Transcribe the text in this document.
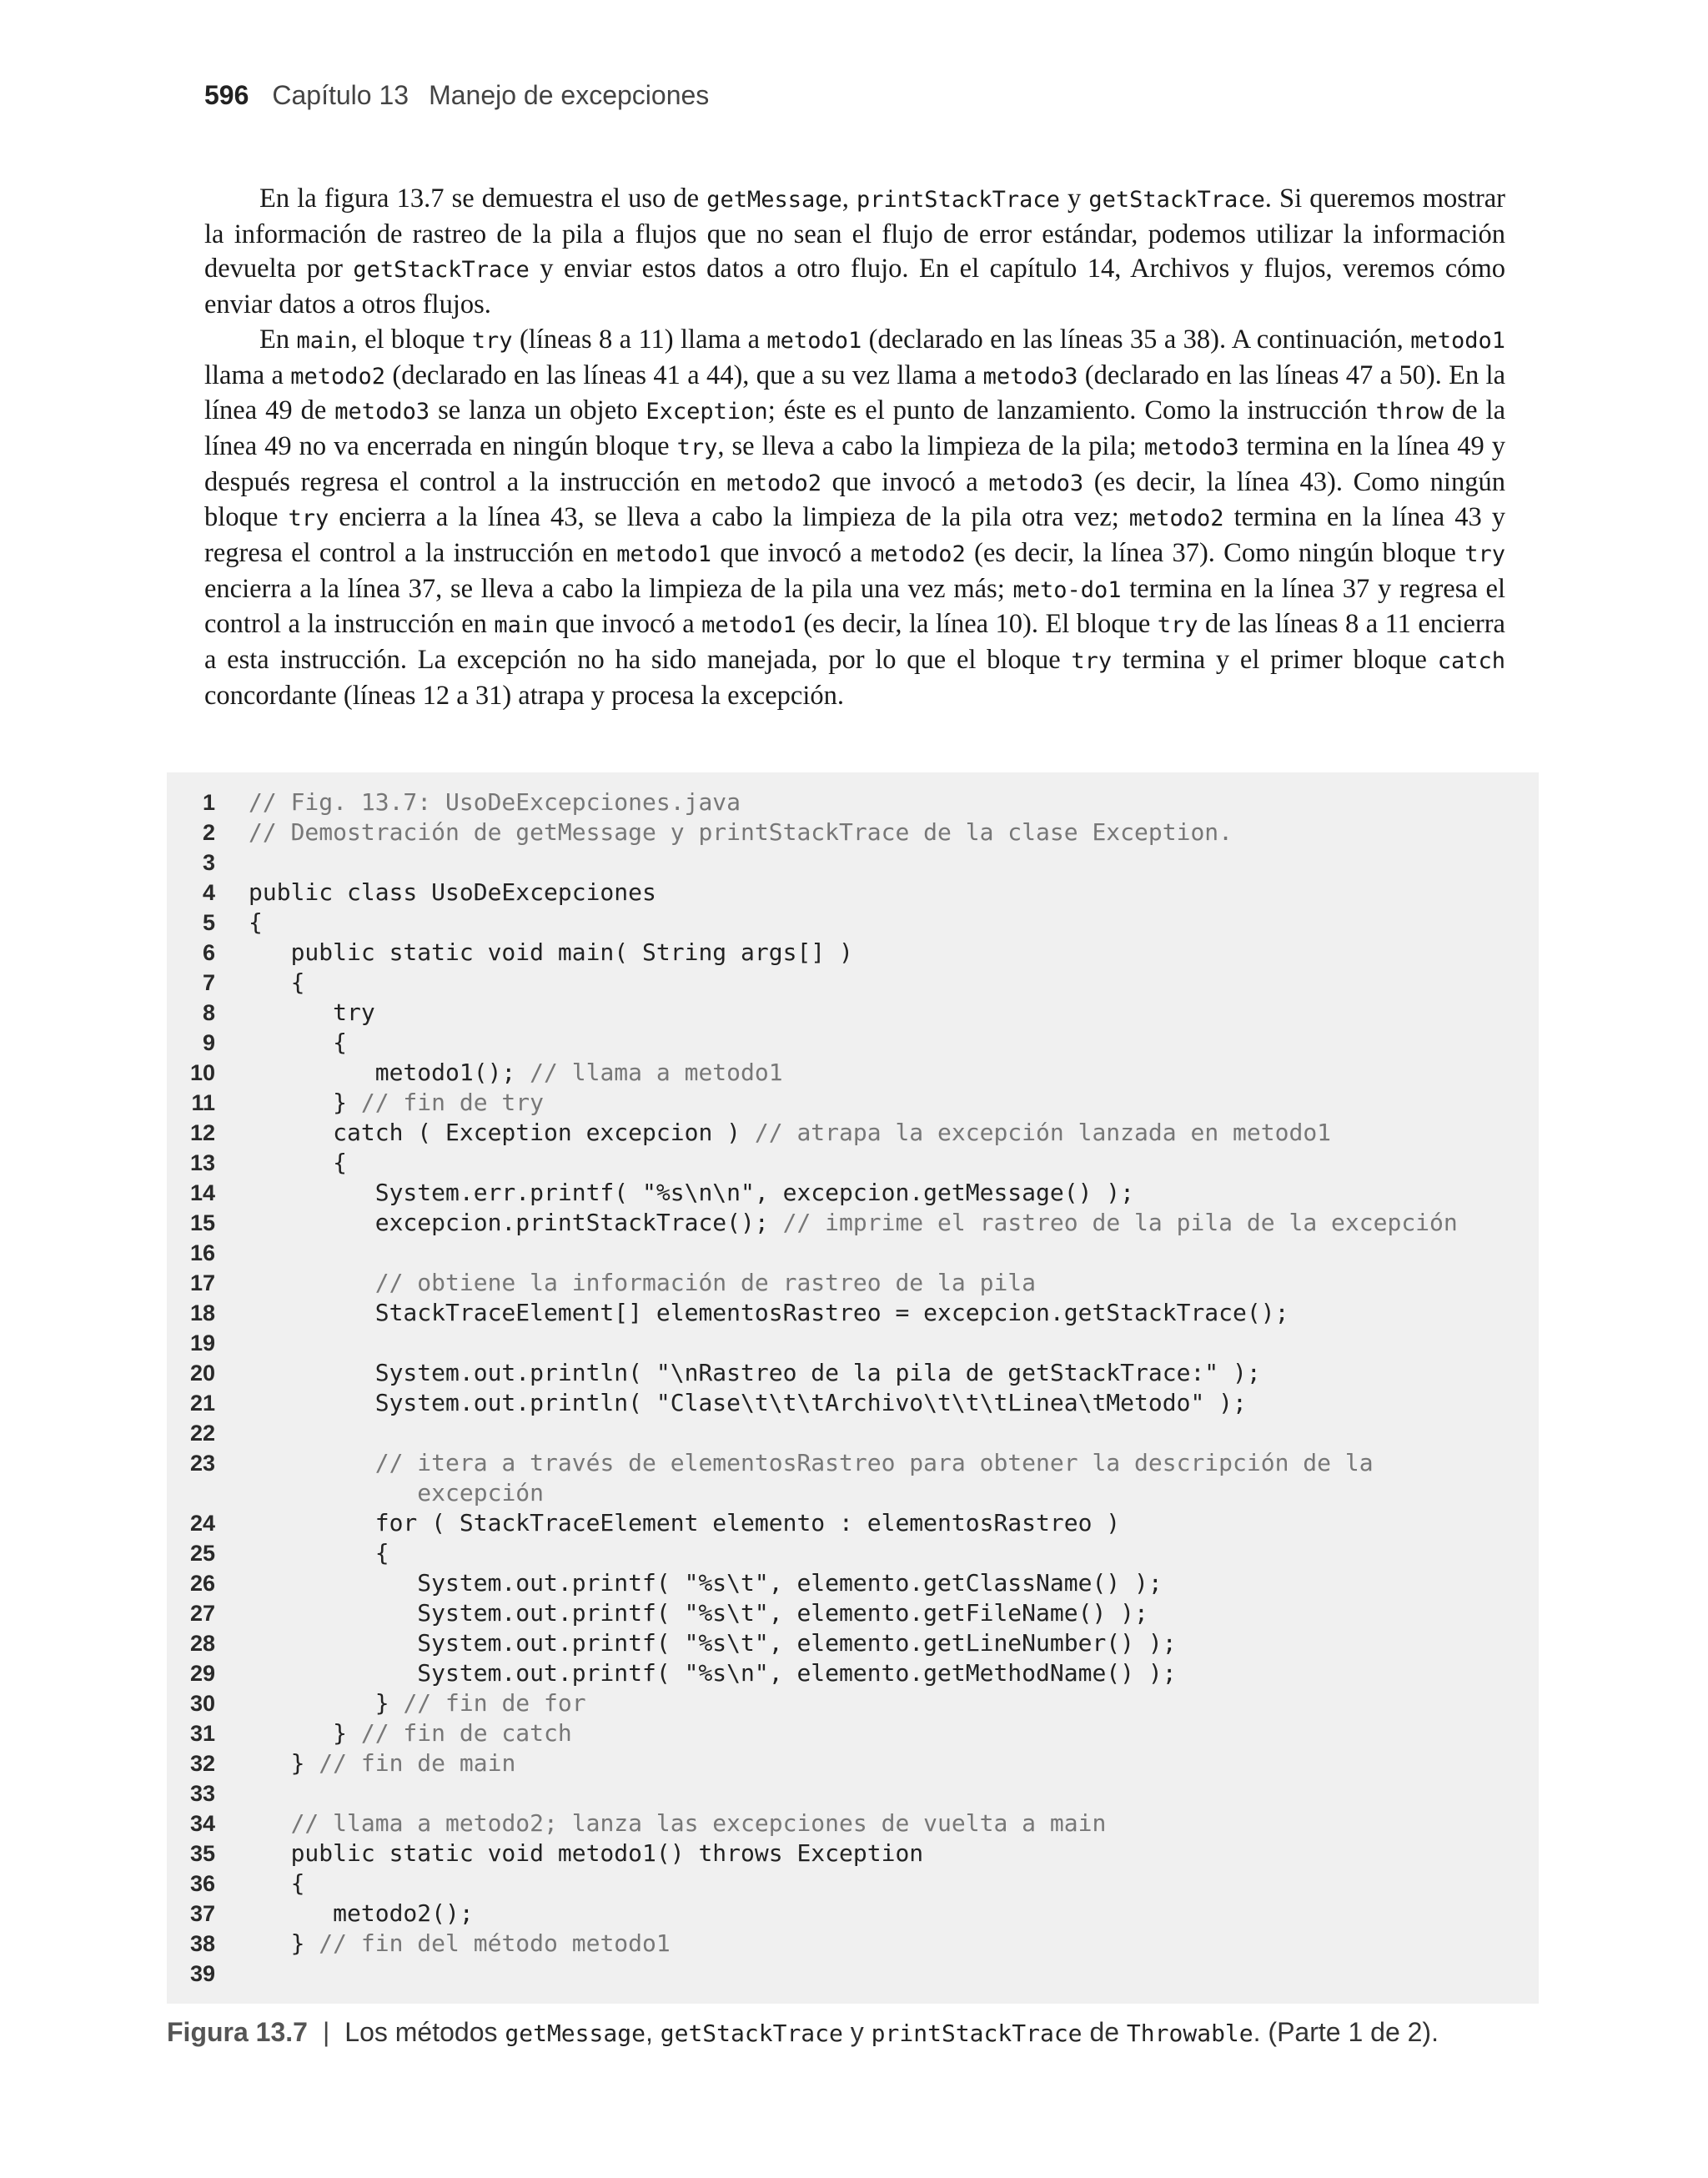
596 Capítulo 13 Manejo de excepciones

En la figura 13.7 se demuestra el uso de getMessage, printStackTrace y getStackTrace. Si queremos mostrar la información de rastreo de la pila a flujos que no sean el flujo de error estándar, podemos utilizar la información devuelta por getStackTrace y enviar estos datos a otro flujo. En el capítulo 14, Archivos y flujos, veremos cómo enviar datos a otros flujos.

En main, el bloque try (líneas 8 a 11) llama a metodo1 (declarado en las líneas 35 a 38). A continuación, metodo1 llama a metodo2 (declarado en las líneas 41 a 44), que a su vez llama a metodo3 (declarado en las líneas 47 a 50). En la línea 49 de metodo3 se lanza un objeto Exception; éste es el punto de lanzamiento. Como la instrucción throw de la línea 49 no va encerrada en ningún bloque try, se lleva a cabo la limpieza de la pila; metodo3 termina en la línea 49 y después regresa el control a la instrucción en metodo2 que invocó a metodo3 (es decir, la línea 43). Como ningún bloque try encierra a la línea 43, se lleva a cabo la limpieza de la pila otra vez; metodo2 termina en la línea 43 y regresa el control a la instrucción en metodo1 que invocó a metodo2 (es decir, la línea 37). Como ningún bloque try encierra a la línea 37, se lleva a cabo la limpieza de la pila una vez más; meto-do1 termina en la línea 37 y regresa el control a la instrucción en main que invocó a metodo1 (es decir, la línea 10). El bloque try de las líneas 8 a 11 encierra a esta instrucción. La excepción no ha sido manejada, por lo que el bloque try termina y el primer bloque catch concordante (líneas 12 a 31) atrapa y procesa la excepción.

1 // Fig. 13.7: UsoDeExcepciones.java
2 // Demostración de getMessage y printStackTrace de la clase Exception.
3
4 public class UsoDeExcepciones
5 {
6 public static void main( String args[] )
7 {
8 try
9 {
10 metodo1(); // llama a metodo1
11 } // fin de try
12 catch ( Exception excepcion ) // atrapa la excepción lanzada en metodo1
13 {
14 System.err.printf( "%s\n\n", excepcion.getMessage() );
15 excepcion.printStackTrace(); // imprime el rastreo de la pila de la excepción
16
17	// obtiene la información de rastreo de la pila
18 StackTraceElement[] elementosRastreo = excepcion.getStackTrace();
19
20 System.out.println( "\nRastreo de la pila de getStackTrace:" );
21 System.out.println( "Clase\t\t\tArchivo\t\t\tLinea\tMetodo" );
22
23	// itera a través de elementosRastreo para obtener la descripción de la
excepción
24 for ( StackTraceElement elemento : elementosRastreo )
25 {
26 System.out.printf( "%s\t", elemento.getClassName() );
27 System.out.printf( "%s\t", elemento.getFileName() );
28 System.out.printf( "%s\t", elemento.getLineNumber() );
29 System.out.printf( "%s\n", elemento.getMethodName() );
30 } // fin de for
31 } // fin de catch
32 } // fin de main
33
34	// llama a metodo2; lanza las excepciones de vuelta a main
35 public static void metodo1() throws Exception
36 {
37 metodo2();
38 } // fin del método metodo1
39
Figura 13.7 | Los métodos getMessage, getStackTrace y printStackTrace de Throwable. (Parte 1 de 2).
